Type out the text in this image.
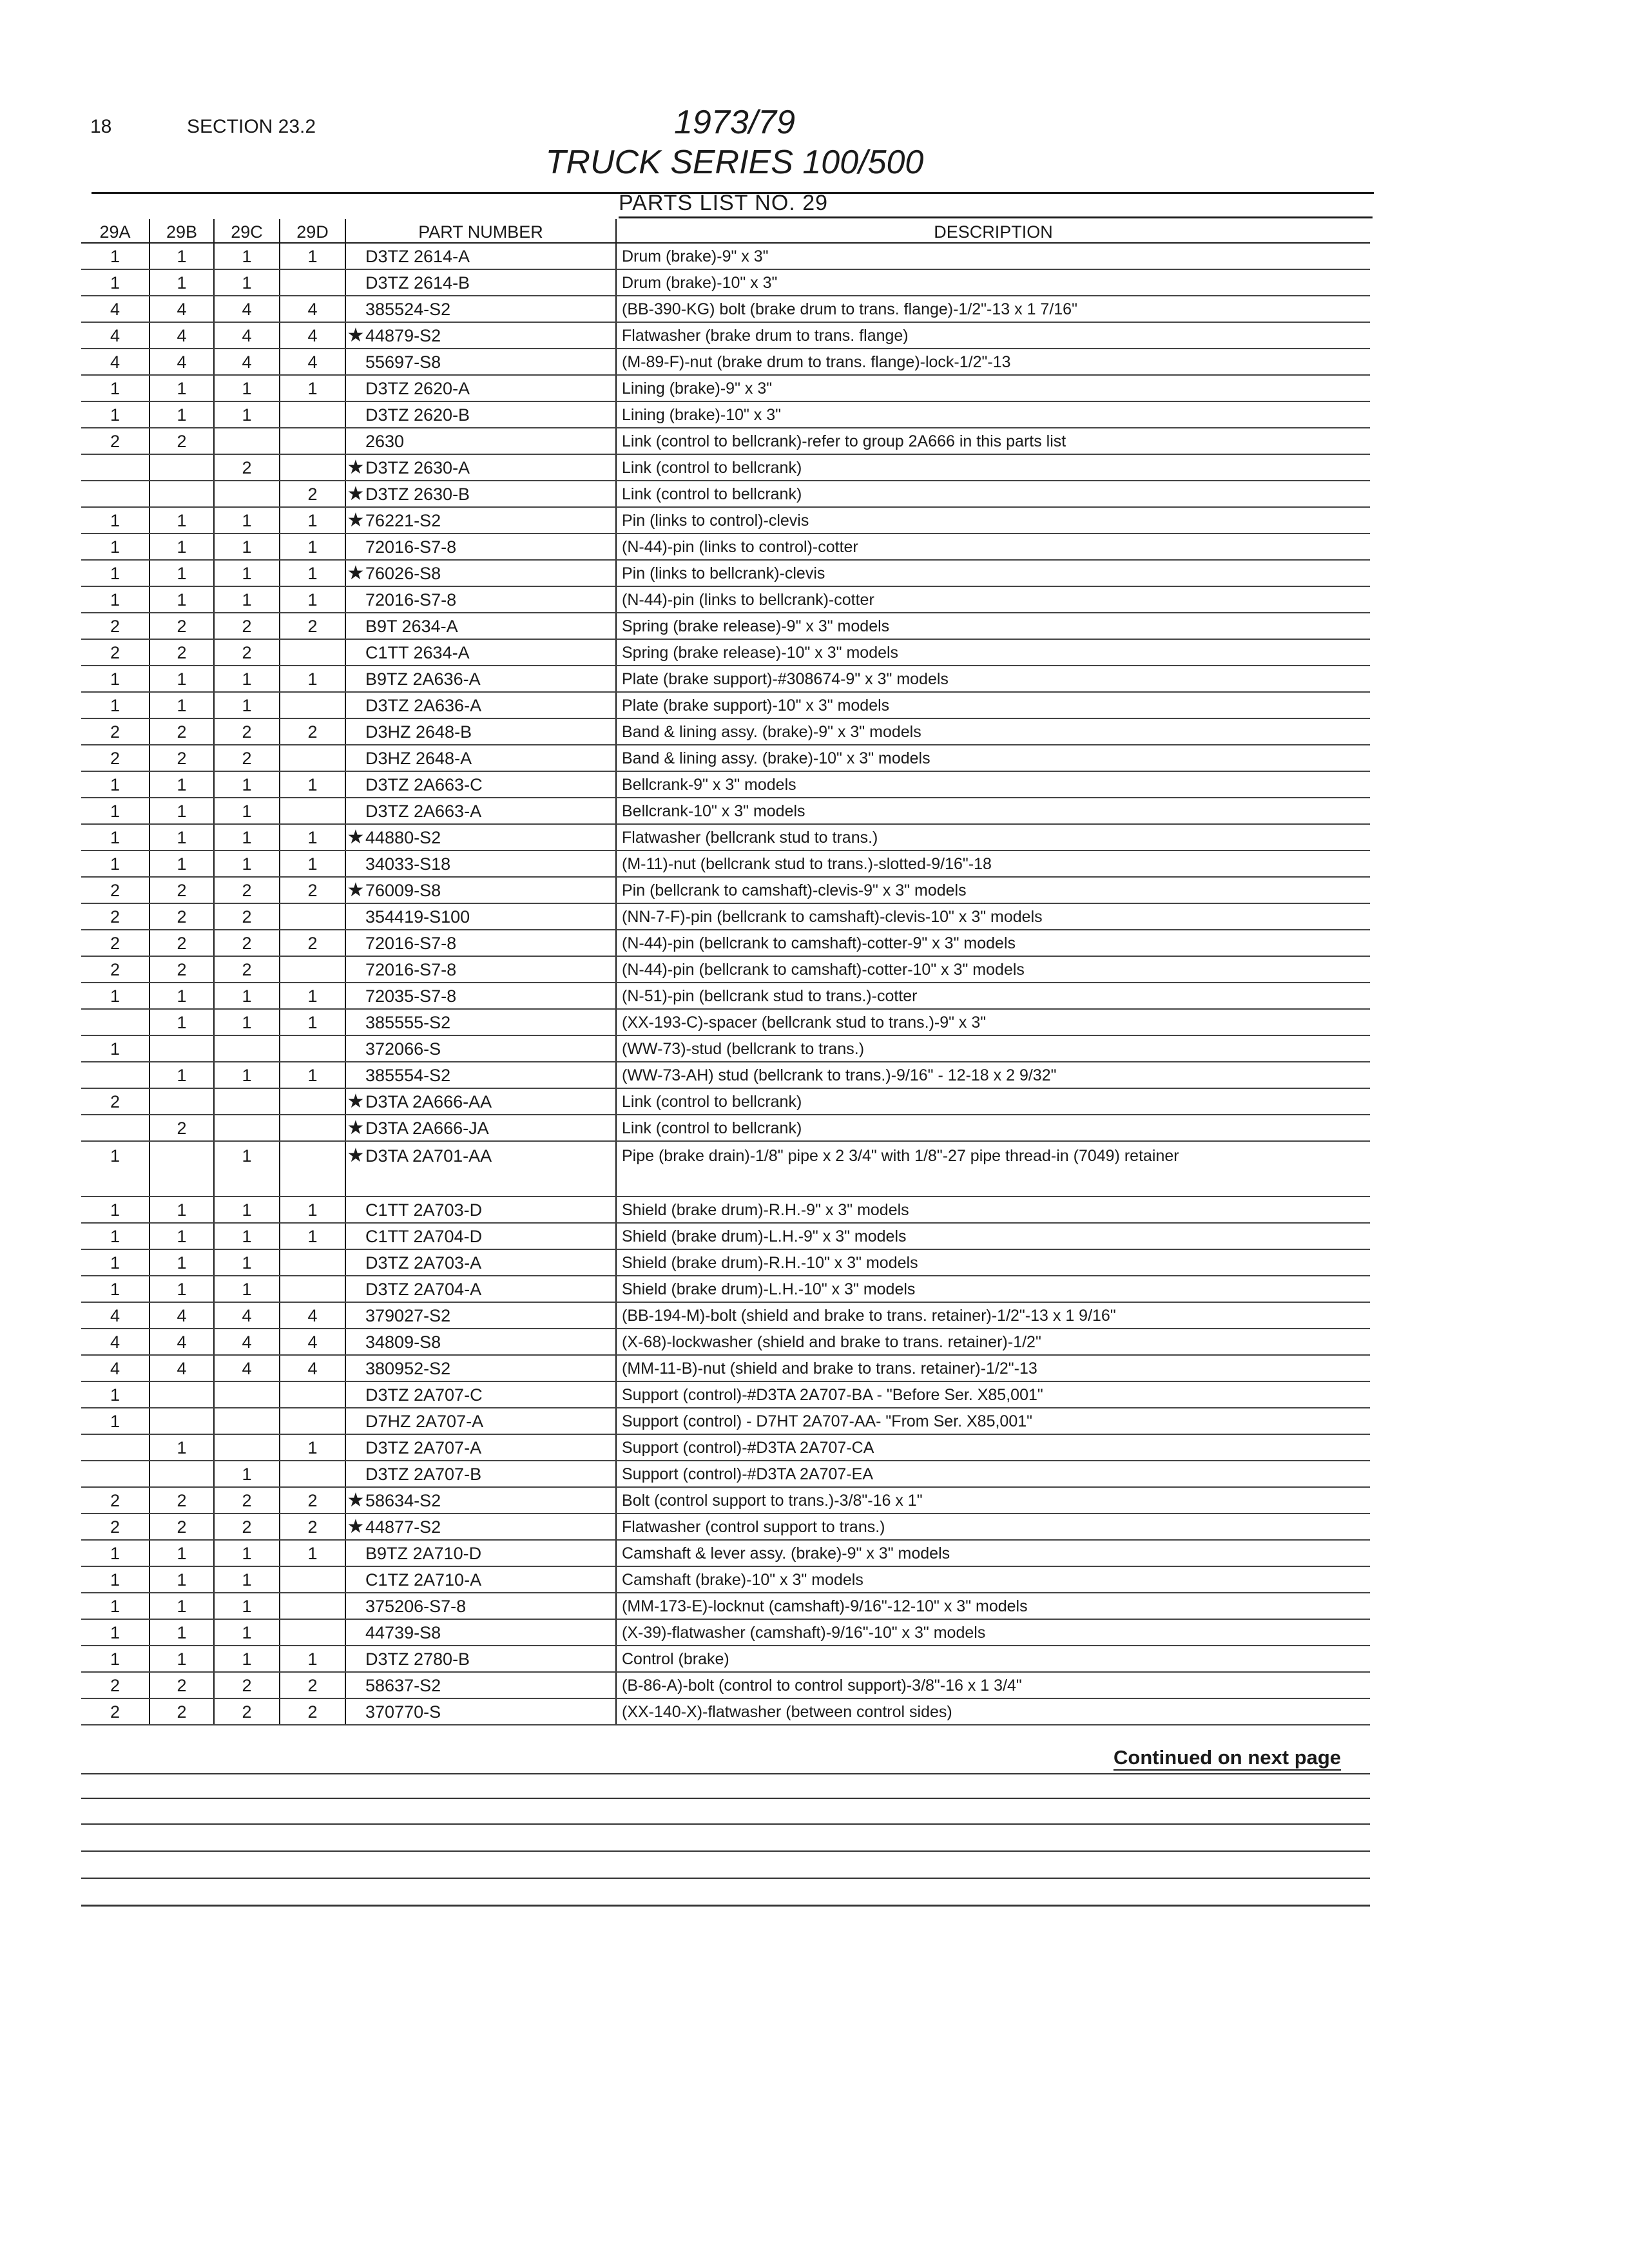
18	SECTION 23.2	1973/79
TRUCK SERIES 100/500
PARTS LIST NO. 29
29A	29B	29C	29D	PART NUMBER	DESCRIPTION
1	1	1	1	D3TZ 2614-A	Drum (brake)-9" x 3"
1	1	1		D3TZ 2614-B	Drum (brake)-10" x 3"
4	4	4	4	385524-S2	(BB-390-KG) bolt (brake drum to trans. flange)-1/2"-13 x 1 7/16"
4	4	4	4	★ 44879-S2	Flatwasher (brake drum to trans. flange)
4	4	4	4	55697-S8	(M-89-F)-nut (brake drum to trans. flange)-lock-1/2"-13
1	1	1	1	D3TZ 2620-A	Lining (brake)-9" x 3"
1	1	1		D3TZ 2620-B	Lining (brake)-10" x 3"
2	2			2630	Link (control to bellcrank)-refer to group 2A666 in this parts list
		2		★ D3TZ 2630-A	Link (control to bellcrank)
			2	★ D3TZ 2630-B	Link (control to bellcrank)
1	1	1	1	★ 76221-S2	Pin (links to control)-clevis
1	1	1	1	72016-S7-8	(N-44)-pin (links to control)-cotter
1	1	1	1	★ 76026-S8	Pin (links to bellcrank)-clevis
1	1	1	1	72016-S7-8	(N-44)-pin (links to bellcrank)-cotter
2	2	2	2	B9T 2634-A	Spring (brake release)-9" x 3" models
2	2	2		C1TT 2634-A	Spring (brake release)-10" x 3" models
1	1	1	1	B9TZ 2A636-A	Plate (brake support)-#308674-9" x 3" models
1	1	1		D3TZ 2A636-A	Plate (brake support)-10" x 3" models
2	2	2	2	D3HZ 2648-B	Band & lining assy. (brake)-9" x 3" models
2	2	2		D3HZ 2648-A	Band & lining assy. (brake)-10" x 3" models
1	1	1	1	D3TZ 2A663-C	Bellcrank-9" x 3" models
1	1	1		D3TZ 2A663-A	Bellcrank-10" x 3" models
1	1	1	1	★ 44880-S2	Flatwasher (bellcrank stud to trans.)
1	1	1	1	34033-S18	(M-11)-nut (bellcrank stud to trans.)-slotted-9/16"-18
2	2	2	2	★ 76009-S8	Pin (bellcrank to camshaft)-clevis-9" x 3" models
2	2	2		354419-S100	(NN-7-F)-pin (bellcrank to camshaft)-clevis-10" x 3" models
2	2	2	2	72016-S7-8	(N-44)-pin (bellcrank to camshaft)-cotter-9" x 3" models
2	2	2		72016-S7-8	(N-44)-pin (bellcrank to camshaft)-cotter-10" x 3" models
1	1	1	1	72035-S7-8	(N-51)-pin (bellcrank stud to trans.)-cotter
	1	1	1	385555-S2	(XX-193-C)-spacer (bellcrank stud to trans.)-9" x 3"
1				372066-S	(WW-73)-stud (bellcrank to trans.)
	1	1	1	385554-S2	(WW-73-AH) stud (bellcrank to trans.)-9/16" - 12-18 x 2 9/32"
2				★ D3TA 2A666-AA	Link (control to bellcrank)
	2			★ D3TA 2A666-JA	Link (control to bellcrank)
1		1		★ D3TA 2A701-AA	Pipe (brake drain)-1/8" pipe x 2 3/4" with 1/8"-27 pipe thread-in (7049) retainer
1	1	1	1	C1TT 2A703-D	Shield (brake drum)-R.H.-9" x 3" models
1	1	1	1	C1TT 2A704-D	Shield (brake drum)-L.H.-9" x 3" models
1	1	1		D3TZ 2A703-A	Shield (brake drum)-R.H.-10" x 3" models
1	1	1		D3TZ 2A704-A	Shield (brake drum)-L.H.-10" x 3" models
4	4	4	4	379027-S2	(BB-194-M)-bolt (shield and brake to trans. retainer)-1/2"-13 x 1 9/16"
4	4	4	4	34809-S8	(X-68)-lockwasher (shield and brake to trans. retainer)-1/2"
4	4	4	4	380952-S2	(MM-11-B)-nut (shield and brake to trans. retainer)-1/2"-13
1				D3TZ 2A707-C	Support (control)-#D3TA 2A707-BA - "Before Ser. X85,001"
1				D7HZ 2A707-A	Support (control) - D7HT 2A707-AA- "From Ser. X85,001"
	1		1	D3TZ 2A707-A	Support (control)-#D3TA 2A707-CA
		1		D3TZ 2A707-B	Support (control)-#D3TA 2A707-EA
2	2	2	2	★ 58634-S2	Bolt (control support to trans.)-3/8"-16 x 1"
2	2	2	2	★ 44877-S2	Flatwasher (control support to trans.)
1	1	1	1	B9TZ 2A710-D	Camshaft & lever assy. (brake)-9" x 3" models
1	1	1		C1TZ 2A710-A	Camshaft (brake)-10" x 3" models
1	1	1		375206-S7-8	(MM-173-E)-locknut (camshaft)-9/16"-12-10" x 3" models
1	1	1		44739-S8	(X-39)-flatwasher (camshaft)-9/16"-10" x 3" models
1	1	1	1	D3TZ 2780-B	Control (brake)
2	2	2	2	58637-S2	(B-86-A)-bolt (control to control support)-3/8"-16 x 1 3/4"
2	2	2	2	370770-S	(XX-140-X)-flatwasher (between control sides)
Continued on next page
